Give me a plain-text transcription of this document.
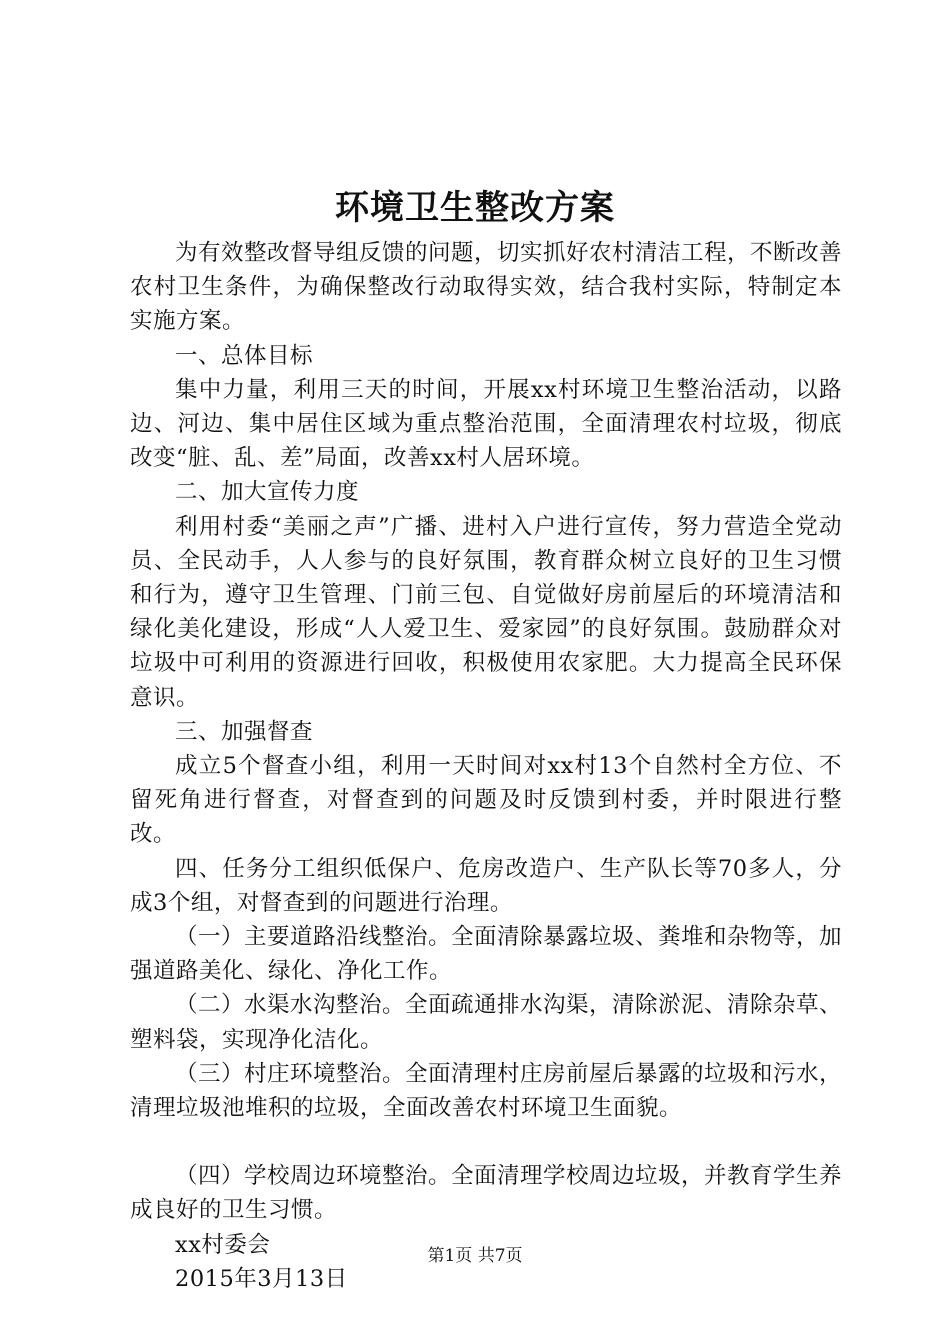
环境卫生整改方案

为有效整改督导组反馈的问题，切实抓好农村清洁工程，不断改善农村卫生条件，为确保整改行动取得实效，结合我村实际，特制定本实施方案。

一、总体目标

集中力量，利用三天的时间，开展xx村环境卫生整治活动，以路边、河边、集中居住区域为重点整治范围，全面清理农村垃圾，彻底改变“脏、乱、差”局面，改善xx村人居环境。

二、加大宣传力度

利用村委“美丽之声”广播、进村入户进行宣传，努力营造全党动员、全民动手，人人参与的良好氛围，教育群众树立良好的卫生习惯和行为，遵守卫生管理、门前三包、自觉做好房前屋后的环境清洁和绿化美化建设，形成“人人爱卫生、爱家园”的良好氛围。鼓励群众对垃圾中可利用的资源进行回收，积极使用农家肥。大力提高全民环保意识。

三、加强督查

成立5个督查小组，利用一天时间对xx村13个自然村全方位、不留死角进行督查，对督查到的问题及时反馈到村委，并时限进行整改。

四、任务分工组织低保户、危房改造户、生产队长等70多人，分成3个组，对督查到的问题进行治理。

（一）主要道路沿线整治。全面清除暴露垃圾、粪堆和杂物等，加强道路美化、绿化、净化工作。

（二）水渠水沟整治。全面疏通排水沟渠，清除淤泥、清除杂草、塑料袋，实现净化洁化。

（三）村庄环境整治。全面清理村庄房前屋后暴露的垃圾和污水，清理垃圾池堆积的垃圾，全面改善农村环境卫生面貌。

（四）学校周边环境整治。全面清理学校周边垃圾，并教育学生养成良好的卫生习惯。

xx村委会

2015年3月13日

第1页 共7页
